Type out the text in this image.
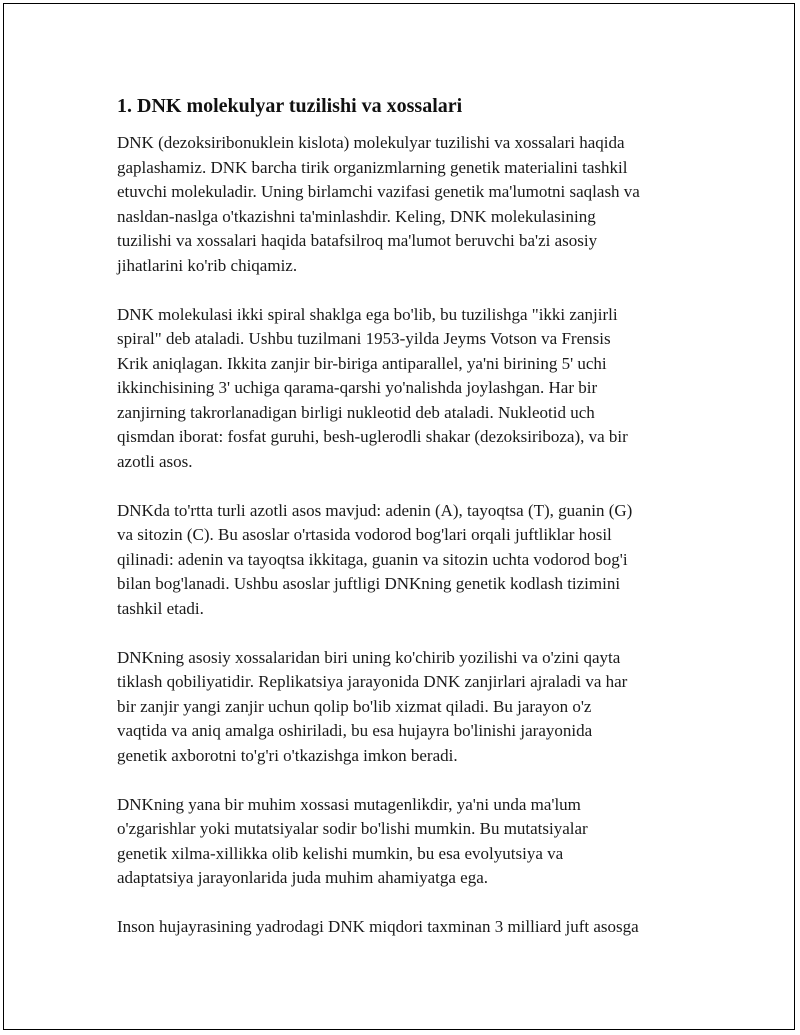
1. DNK molekulyar tuzilishi va xossalari

DNK (dezoksiribonuklein kislota) molekulyar tuzilishi va xossalari haqida
gaplashamiz. DNK barcha tirik organizmlarning genetik materialini tashkil
etuvchi molekuladir. Uning birlamchi vazifasi genetik ma'lumotni saqlash va
nasldan-naslga o'tkazishni ta'minlashdir. Keling, DNK molekulasining
tuzilishi va xossalari haqida batafsilroq ma'lumot beruvchi ba'zi asosiy
jihatlarini ko'rib chiqamiz.

DNK molekulasi ikki spiral shaklga ega bo'lib, bu tuzilishga "ikki zanjirli
spiral" deb ataladi. Ushbu tuzilmani 1953-yilda Jeyms Votson va Frensis
Krik aniqlagan. Ikkita zanjir bir-biriga antiparallel, ya'ni birining 5' uchi
ikkinchisining 3' uchiga qarama-qarshi yo'nalishda joylashgan. Har bir
zanjirning takrorlanadigan birligi nukleotid deb ataladi. Nukleotid uch
qismdan iborat: fosfat guruhi, besh-uglerodli shakar (dezoksiriboza), va bir
azotli asos.

DNKda to'rtta turli azotli asos mavjud: adenin (A), tayoqtsa (T), guanin (G)
va sitozin (C). Bu asoslar o'rtasida vodorod bog'lari orqali juftliklar hosil
qilinadi: adenin va tayoqtsa ikkitaga, guanin va sitozin uchta vodorod bog'i
bilan bog'lanadi. Ushbu asoslar juftligi DNKning genetik kodlash tizimini
tashkil etadi.

DNKning asosiy xossalaridan biri uning ko'chirib yozilishi va o'zini qayta
tiklash qobiliyatidir. Replikatsiya jarayonida DNK zanjirlari ajraladi va har
bir zanjir yangi zanjir uchun qolip bo'lib xizmat qiladi. Bu jarayon o'z
vaqtida va aniq amalga oshiriladi, bu esa hujayra bo'linishi jarayonida
genetik axborotni to'g'ri o'tkazishga imkon beradi.

DNKning yana bir muhim xossasi mutagenlikdir, ya'ni unda ma'lum
o'zgarishlar yoki mutatsiyalar sodir bo'lishi mumkin. Bu mutatsiyalar
genetik xilma-xillikka olib kelishi mumkin, bu esa evolyutsiya va
adaptatsiya jarayonlarida juda muhim ahamiyatga ega.

Inson hujayrasining yadrodagi DNK miqdori taxminan 3 milliard juft asosga
